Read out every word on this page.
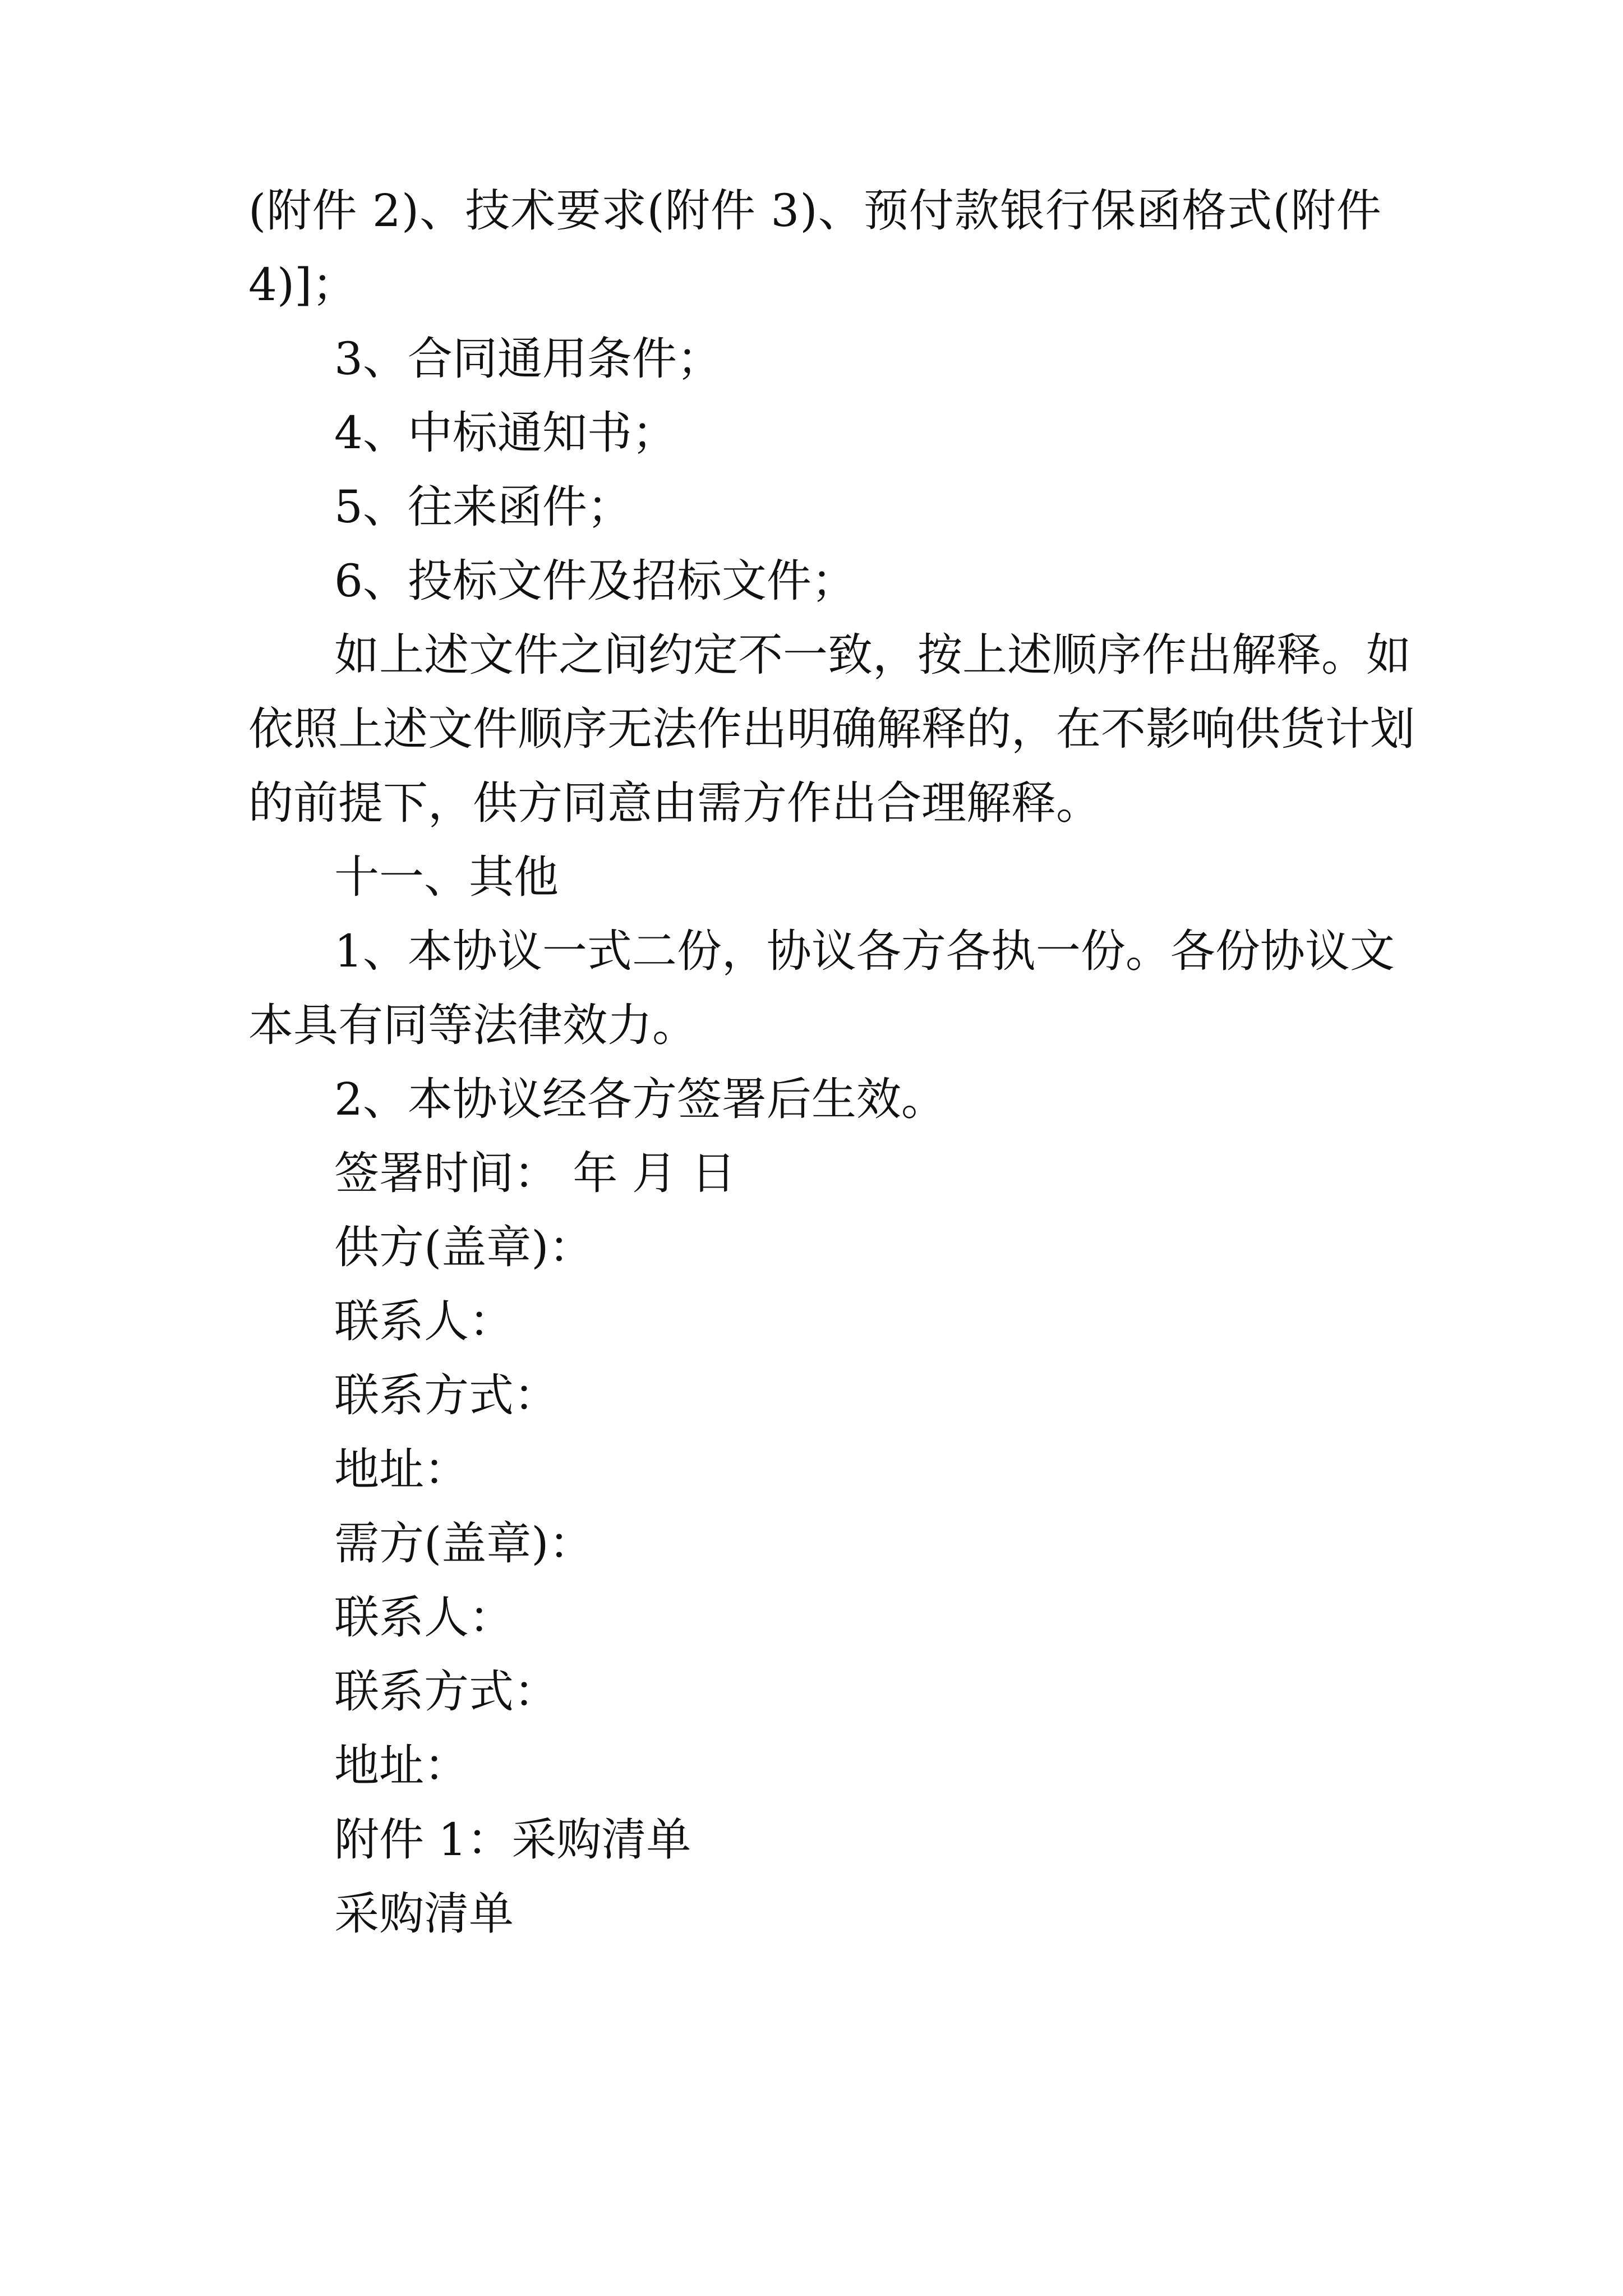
(附件 2)、技术要求(附件 3)、预付款银行保函格式(附件

4)]；

3、合同通用条件；

4、中标通知书；

5、往来函件；

6、投标文件及招标文件；

如上述文件之间约定不一致，按上述顺序作出解释。如

依照上述文件顺序无法作出明确解释的，在不影响供货计划

的前提下，供方同意由需方作出合理解释。

十一、其他

1、本协议一式二份，协议各方各执一份。各份协议文

本具有同等法律效力。

2、本协议经各方签署后生效。

签署时间： 年 月 日

供方(盖章)：

联系人：

联系方式：

地址：

需方(盖章)：

联系人：

联系方式：

地址：

附件 1：采购清单

采购清单
